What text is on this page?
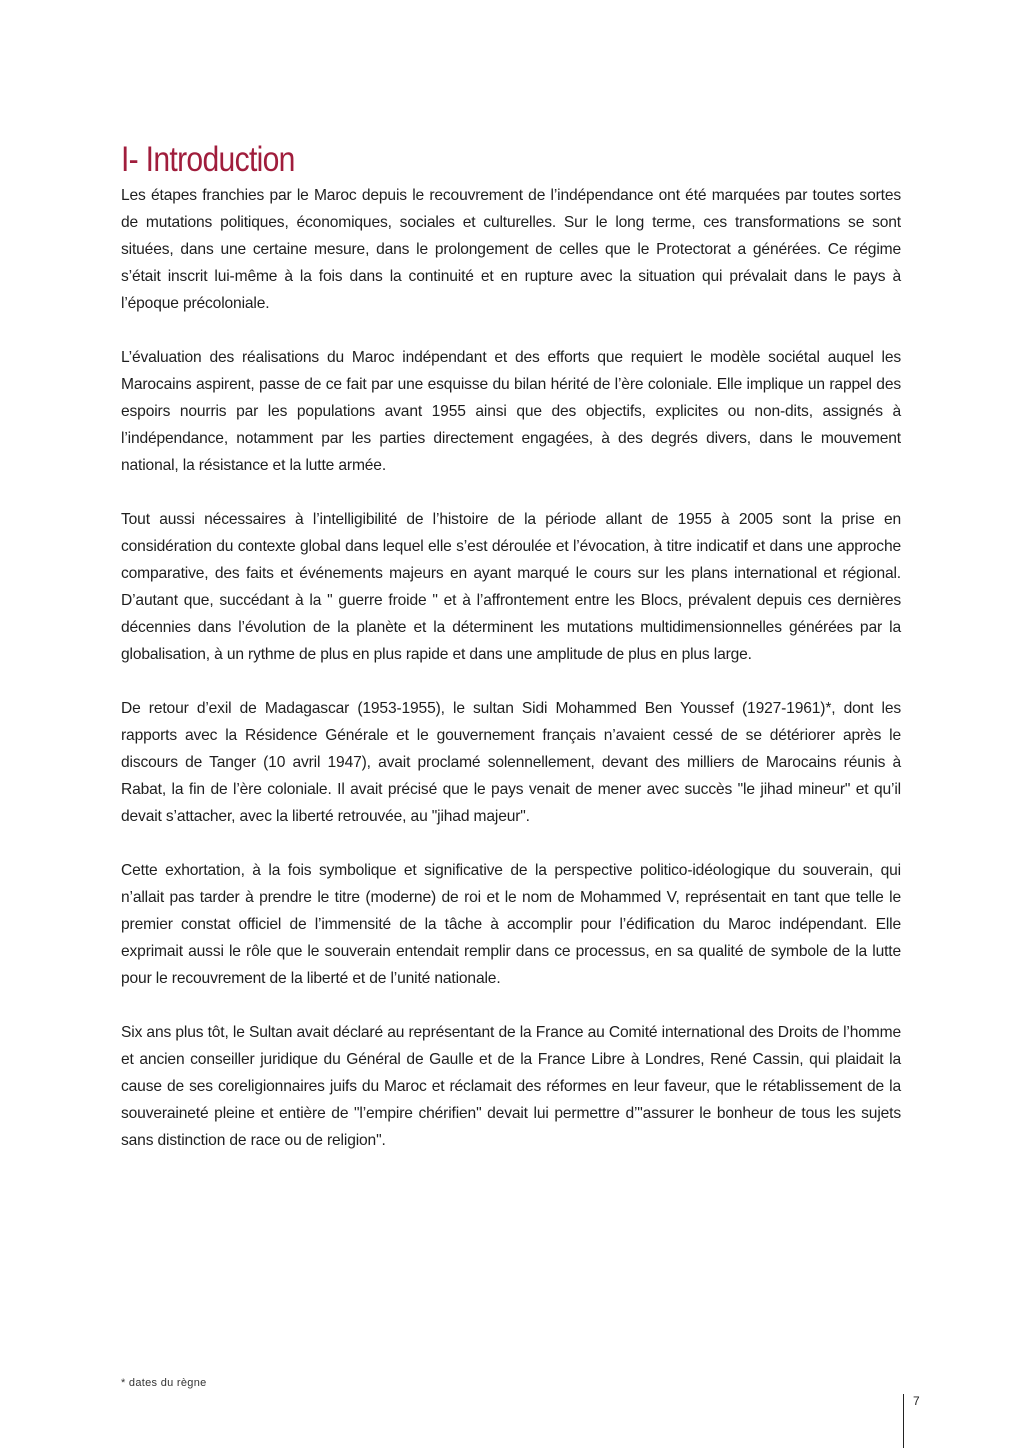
I- Introduction

Les étapes franchies par le Maroc depuis le recouvrement de l’indépendance ont été marquées par toutes sortes de mutations politiques, économiques, sociales et culturelles. Sur le long terme, ces transformations se sont situées, dans une certaine mesure, dans le prolongement de celles que le Protectorat a générées. Ce régime s’était inscrit lui-même à la fois dans la continuité et en rupture avec la situation qui prévalait dans le pays à l’époque précoloniale.

L’évaluation des réalisations du Maroc indépendant et des efforts que requiert le modèle sociétal auquel les Marocains aspirent, passe de ce fait par une esquisse du bilan hérité de l’ère coloniale. Elle implique un rappel des espoirs nourris par les populations avant 1955 ainsi que des objectifs, explicites ou non-dits, assignés à l’indépendance, notamment par les parties directement engagées, à des degrés divers, dans le mouvement national, la résistance et la lutte armée.

Tout aussi nécessaires à l’intelligibilité de l’histoire de la période allant de 1955 à 2005 sont la prise en considération du contexte global dans lequel elle s’est déroulée et l’évocation, à titre indicatif et dans une approche comparative, des faits et événements majeurs en ayant marqué le cours sur les plans international et régional. D’autant que, succédant à la " guerre froide " et à l’affrontement entre les Blocs, prévalent depuis ces dernières décennies dans l’évolution de la planète et la déterminent les mutations multidimensionnelles générées par la globalisation, à un rythme de plus en plus rapide et dans une amplitude de plus en plus large.

De retour d’exil de Madagascar (1953-1955), le sultan Sidi Mohammed Ben Youssef (1927-1961)*, dont les rapports avec la Résidence Générale et le gouvernement français n’avaient cessé de se détériorer après le discours de Tanger (10 avril 1947), avait proclamé solennellement, devant des milliers de Marocains réunis à Rabat, la fin de l’ère coloniale. Il avait précisé que le pays venait de mener avec succès "le jihad mineur" et qu’il devait s’attacher, avec la liberté retrouvée, au "jihad majeur".

Cette exhortation, à la fois symbolique et significative de la perspective politico-idéologique du souverain, qui n’allait pas tarder à prendre le titre (moderne) de roi et le nom de Mohammed V, représentait en tant que telle le premier constat officiel de l’immensité de la tâche à accomplir pour l’édification du Maroc indépendant. Elle exprimait aussi le rôle que le souverain entendait remplir dans ce processus, en sa qualité de symbole de la lutte pour le recouvrement de la liberté et de l’unité nationale.

Six ans plus tôt, le Sultan avait déclaré au représentant de la France au Comité international des Droits de l’homme et ancien conseiller juridique du Général de Gaulle et de la France Libre à Londres, René Cassin, qui plaidait la cause de ses coreligionnaires juifs du Maroc et réclamait des réformes en leur faveur, que le rétablissement de la souveraineté pleine et entière de "l’empire chérifien" devait lui permettre d’"assurer le bonheur de tous les sujets sans distinction de race ou de religion".

* dates du règne

7
